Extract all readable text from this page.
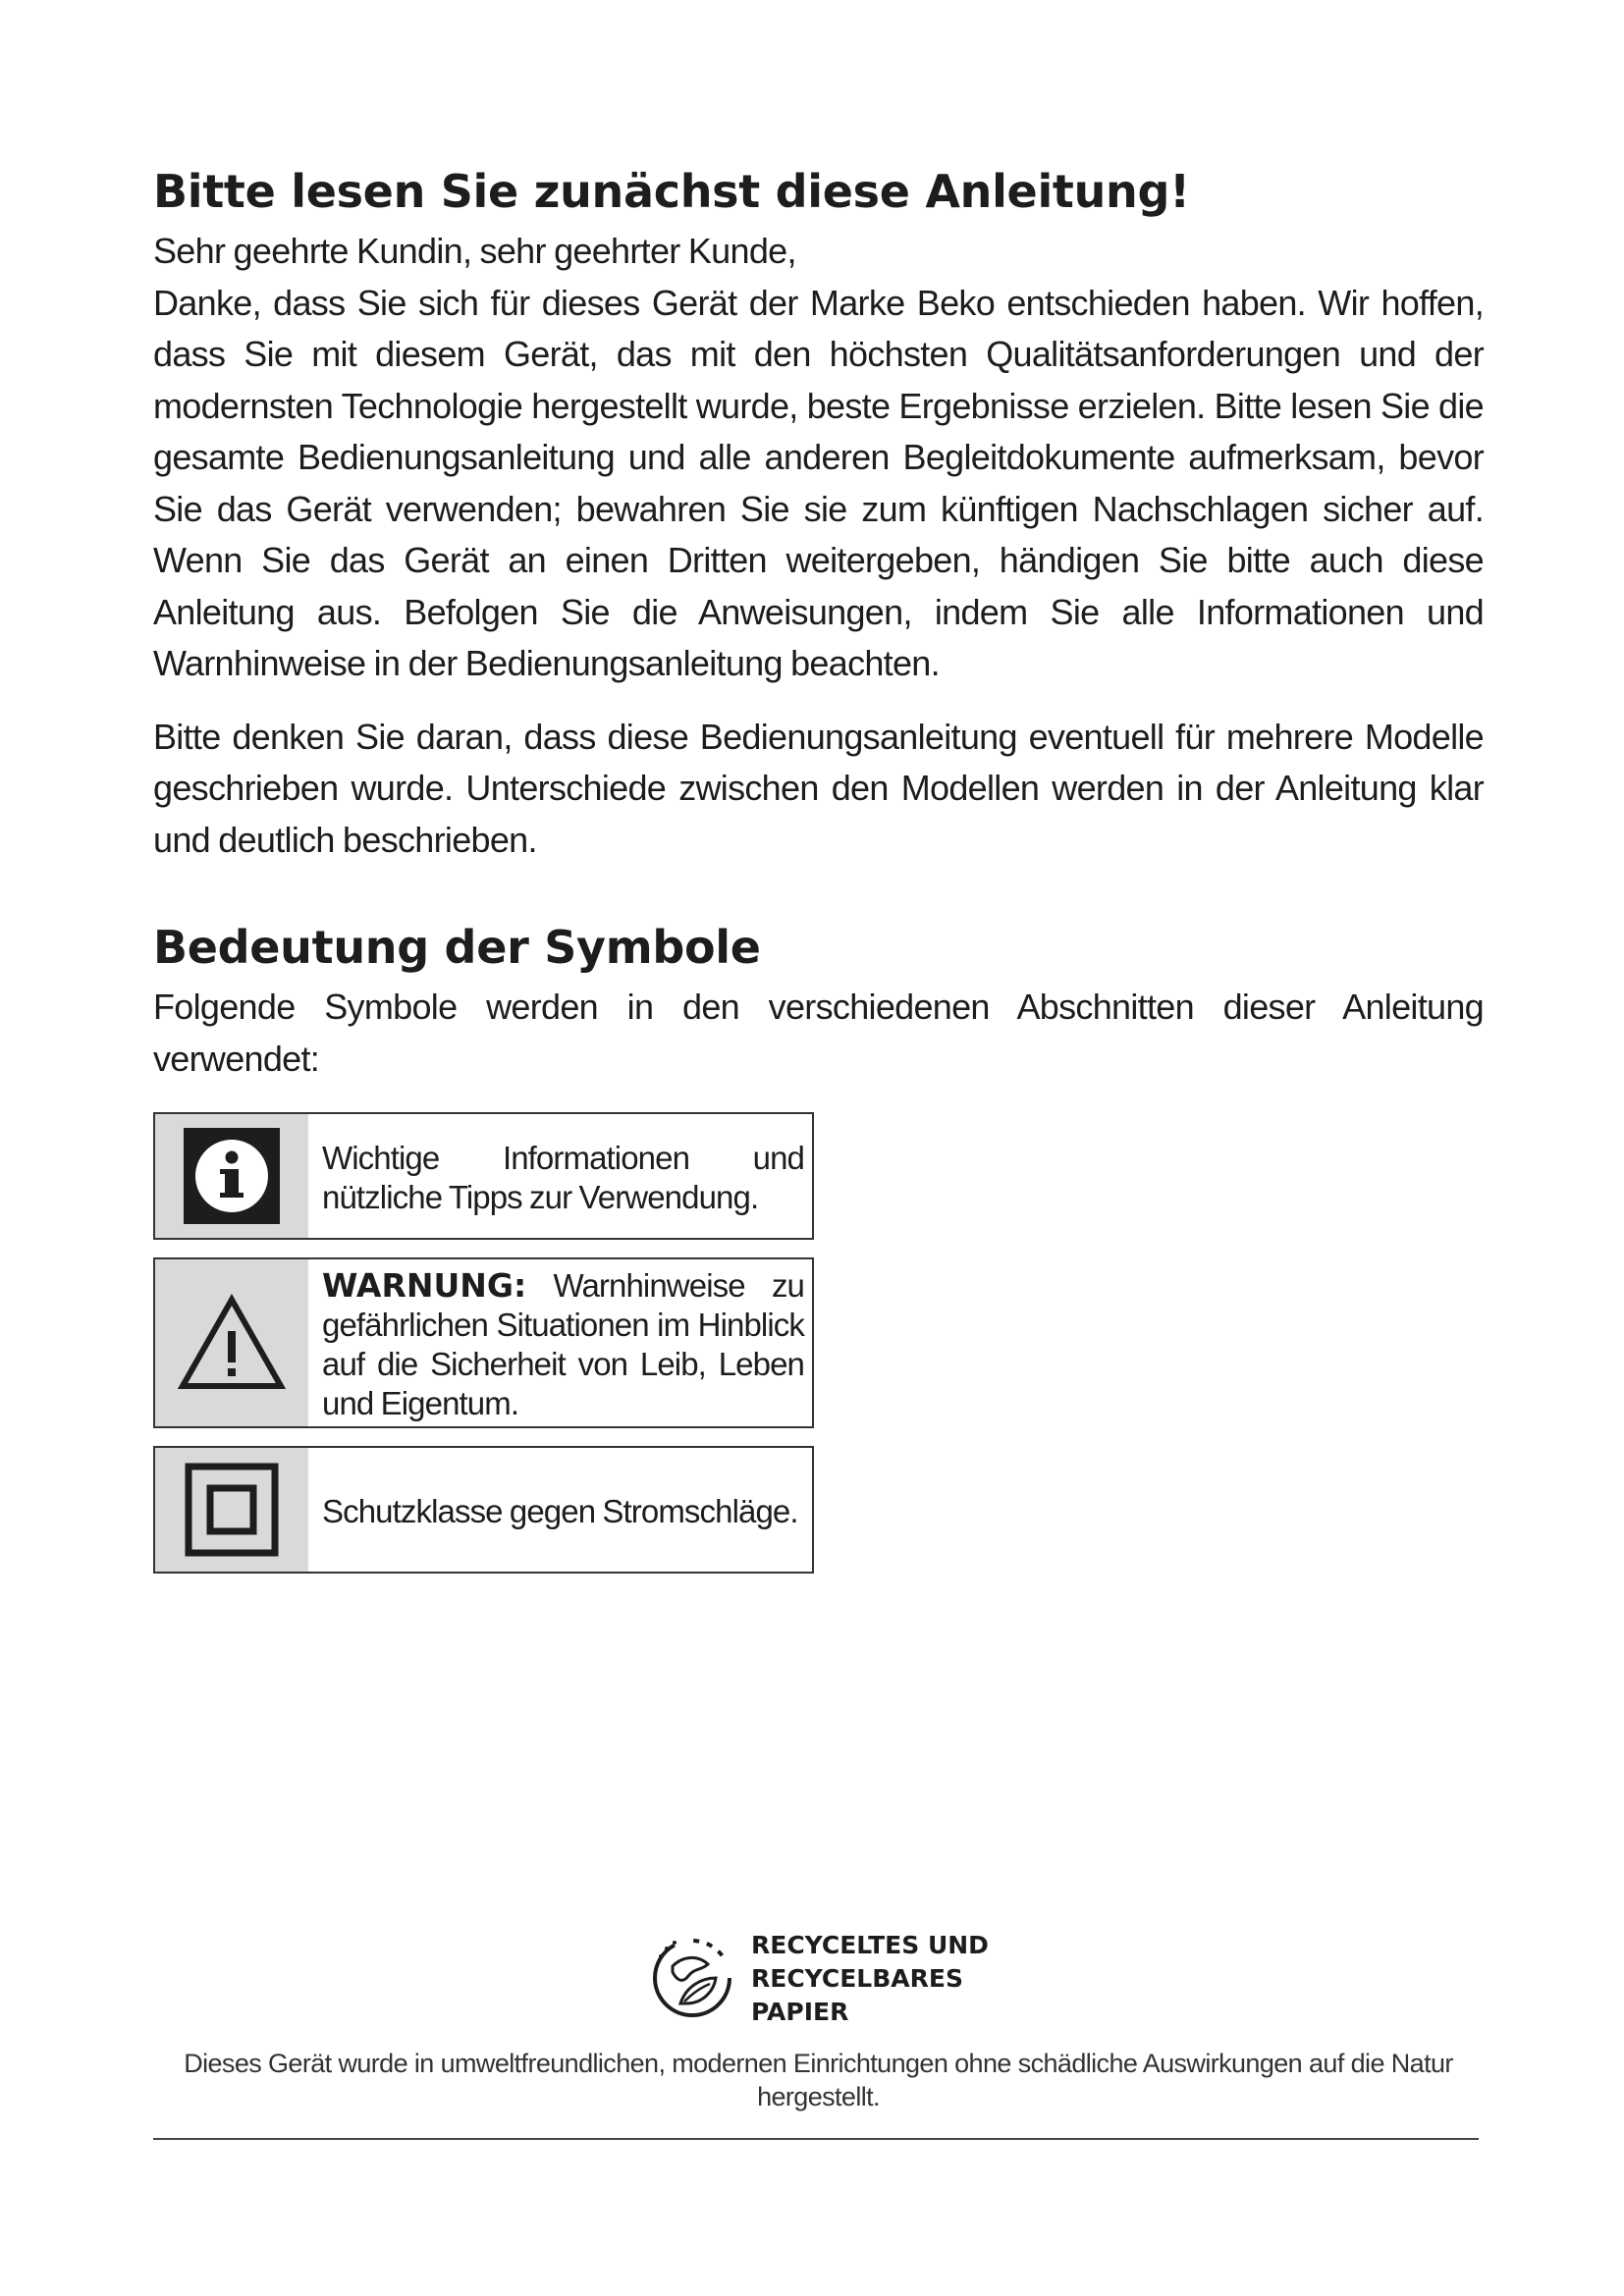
Bitte lesen Sie zunächst diese Anleitung!

Sehr geehrte Kundin, sehr geehrter Kunde,

Danke, dass Sie sich für dieses Gerät der Marke Beko entschieden haben. Wir hoffen, dass Sie mit diesem Gerät, das mit den höchsten Qualitätsanforderungen und der modernsten Technologie hergestellt wurde, beste Ergebnisse erzielen. Bitte lesen Sie die gesamte Bedienungsanleitung und alle anderen Begleitdokumente aufmerksam, bevor Sie das Gerät verwenden; bewahren Sie sie zum künftigen Nachschlagen sicher auf. Wenn Sie das Gerät an einen Dritten weitergeben, händigen Sie bitte auch diese Anleitung aus. Befolgen Sie die Anweisungen, indem Sie alle Informationen und Warnhinweise in der Bedienungsanleitung beachten.

Bitte denken Sie daran, dass diese Bedienungsanleitung eventuell für mehrere Modelle geschrieben wurde. Unterschiede zwischen den Modellen werden in der Anleitung klar und deutlich beschrieben.

Bedeutung der Symbole

Folgende Symbole werden in den verschiedenen Abschnitten dieser Anleitung verwendet:

Wichtige Informationen und nützliche Tipps zur Verwendung.
WARNUNG: Warnhinweise zu gefährlichen Situationen im Hinblick auf die Sicherheit von Leib, Leben und Eigentum.
Schutzklasse gegen Stromschläge.
RECYCELTES UND
RECYCELBARES
PAPIER
Dieses Gerät wurde in umweltfreundlichen, modernen Einrichtungen ohne schädliche Auswirkungen auf die Natur hergestellt.
